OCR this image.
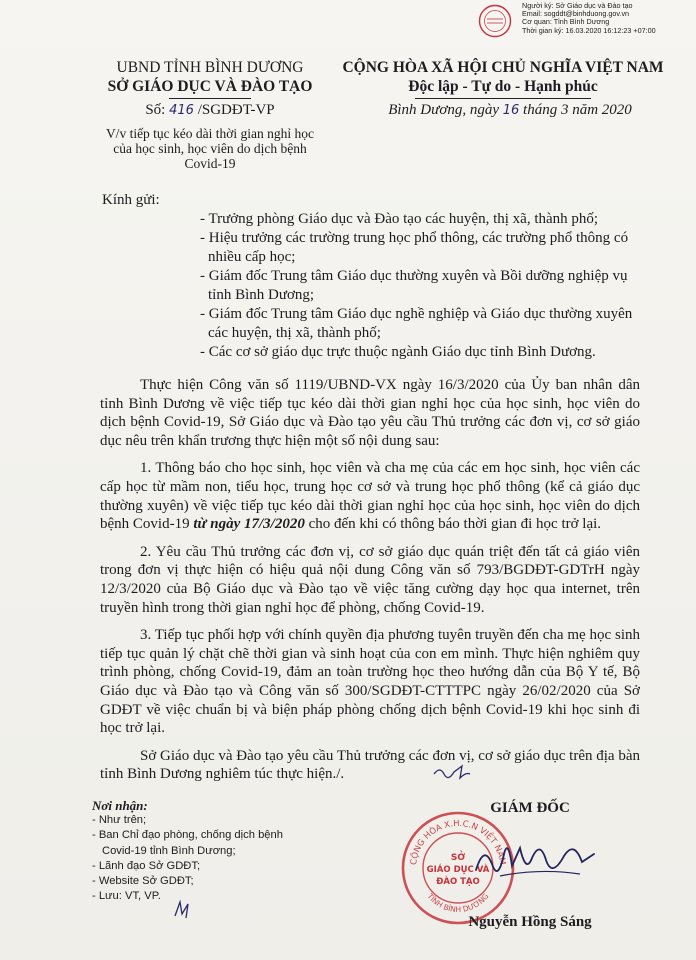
Người ký: Sở Giáo dục và Đào tạo
Email: sogddt@binhduong.gov.vn
Cơ quan: Tỉnh Bình Dương
Thời gian ký: 16.03.2020 16:12:23 +07:00
UBND TỈNH BÌNH DƯƠNG
SỞ GIÁO DỤC VÀ ĐÀO TẠO
CỘNG HÒA XÃ HỘI CHỦ NGHĨA VIỆT NAM
Độc lập - Tự do - Hạnh phúc
Số: 416 /SGDĐT-VP	Bình Dương, ngày 16 tháng 3 năm 2020
V/v tiếp tục kéo dài thời gian nghỉ học
của học sinh, học viên do dịch bệnh
Covid-19
Kính gửi:
- Trưởng phòng Giáo dục và Đào tạo các huyện, thị xã, thành phố;
- Hiệu trưởng các trường trung học phổ thông, các trường phổ thông có nhiều cấp học;
- Giám đốc Trung tâm Giáo dục thường xuyên và Bồi dưỡng nghiệp vụ tỉnh Bình Dương;
- Giám đốc Trung tâm Giáo dục nghề nghiệp và Giáo dục thường xuyên các huyện, thị xã, thành phố;
- Các cơ sở giáo dục trực thuộc ngành Giáo dục tỉnh Bình Dương.

Thực hiện Công văn số 1119/UBND-VX ngày 16/3/2020 của Ủy ban nhân dân tỉnh Bình Dương về việc tiếp tục kéo dài thời gian nghỉ học của học sinh, học viên do dịch bệnh Covid-19, Sở Giáo dục và Đào tạo yêu cầu Thủ trưởng các đơn vị, cơ sở giáo dục nêu trên khẩn trương thực hiện một số nội dung sau:

1. Thông báo cho học sinh, học viên và cha mẹ của các em học sinh, học viên các cấp học từ mầm non, tiểu học, trung học cơ sở và trung học phổ thông (kể cả giáo dục thường xuyên) về việc tiếp tục kéo dài thời gian nghỉ học của học sinh, học viên do dịch bệnh Covid-19 từ ngày 17/3/2020 cho đến khi có thông báo thời gian đi học trở lại.

2. Yêu cầu Thủ trưởng các đơn vị, cơ sở giáo dục quán triệt đến tất cả giáo viên trong đơn vị thực hiện có hiệu quả nội dung Công văn số 793/BGDĐT-GDTrH ngày 12/3/2020 của Bộ Giáo dục và Đào tạo về việc tăng cường dạy học qua internet, trên truyền hình trong thời gian nghỉ học để phòng, chống Covid-19.

3. Tiếp tục phối hợp với chính quyền địa phương tuyên truyền đến cha mẹ học sinh tiếp tục quản lý chặt chẽ thời gian và sinh hoạt của con em mình. Thực hiện nghiêm quy trình phòng, chống Covid-19, đảm an toàn trường học theo hướng dẫn của Bộ Y tế, Bộ Giáo dục và Đào tạo và Công văn số 300/SGDĐT-CTTTPC ngày 26/02/2020 của Sở GDĐT về việc chuẩn bị và biện pháp phòng chống dịch bệnh Covid-19 khi học sinh đi học trở lại.

Sở Giáo dục và Đào tạo yêu cầu Thủ trưởng các đơn vị, cơ sở giáo dục trên địa bàn tỉnh Bình Dương nghiêm túc thực hiện./.

Nơi nhận:
- Như trên;
- Ban Chỉ đạo phòng, chống dịch bệnh
Covid-19 tỉnh Bình Dương;
- Lãnh đạo Sở GDĐT;
- Website Sở GDĐT;
- Lưu: VT, VP.
GIÁM ĐỐC
CỘNG HÒA X.H.C.N VIỆT NAM
TỈNH BÌNH DƯƠNG
SỞ
GIÁO DỤC VÀ
ĐÀO TẠO
Nguyễn Hồng Sáng
